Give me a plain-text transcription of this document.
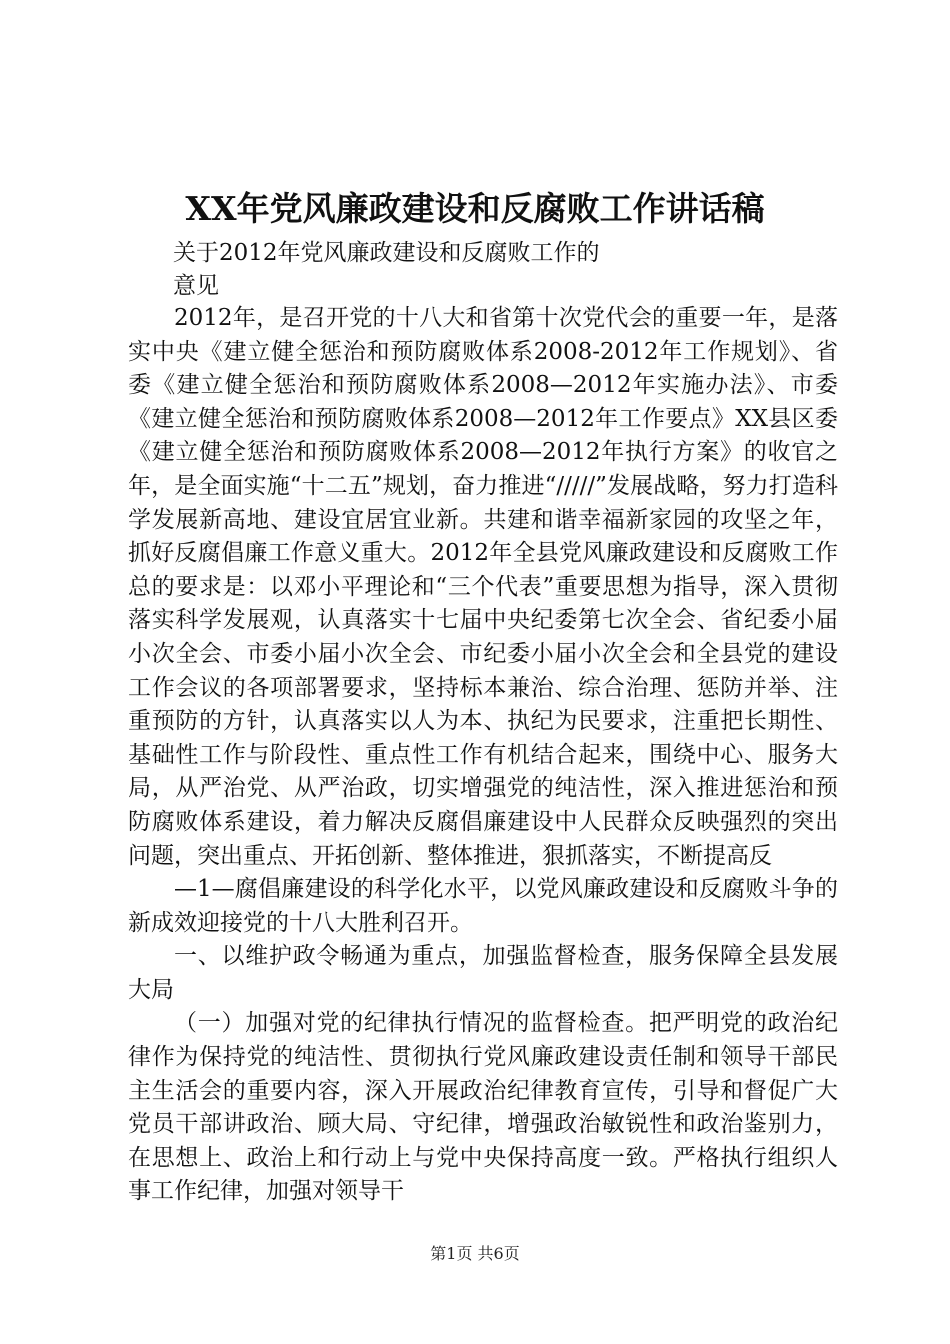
XX年党风廉政建设和反腐败工作讲话稿
关于2012年党风廉政建设和反腐败工作的
意见

2012年，是召开党的十八大和省第十次党代会的重要一年，是落实中央《建立健全惩治和预防腐败体系2008-2012年工作规划》、省委《建立健全惩治和预防腐败体系2008—2012年实施办法》、市委《建立健全惩治和预防腐败体系2008—2012年工作要点》XX县区委《建立健全惩治和预防腐败体系2008—2012年执行方案》的收官之年，是全面实施“十二五”规划，奋力推进“/////”发展战略，努力打造科学发展新高地、建设宜居宜业新。共建和谐幸福新家园的攻坚之年，抓好反腐倡廉工作意义重大。2012年全县党风廉政建设和反腐败工作总的要求是：以邓小平理论和“三个代表”重要思想为指导，深入贯彻落实科学发展观，认真落实十七届中央纪委第七次全会、省纪委小届小次全会、市委小届小次全会、市纪委小届小次全会和全县党的建设工作会议的各项部署要求，坚持标本兼治、综合治理、惩防并举、注重预防的方针，认真落实以人为本、执纪为民要求，注重把长期性、基础性工作与阶段性、重点性工作有机结合起来，围绕中心、服务大局，从严治党、从严治政，切实增强党的纯洁性，深入推进惩治和预防腐败体系建设，着力解决反腐倡廉建设中人民群众反映强烈的突出问题，突出重点、开拓创新、整体推进，狠抓落实，不断提高反

—1—腐倡廉建设的科学化水平，以党风廉政建设和反腐败斗争的新成效迎接党的十八大胜利召开。

一、以维护政令畅通为重点，加强监督检查，服务保障全县发展大局

（一）加强对党的纪律执行情况的监督检查。把严明党的政治纪律作为保持党的纯洁性、贯彻执行党风廉政建设责任制和领导干部民主生活会的重要内容，深入开展政治纪律教育宣传，引导和督促广大党员干部讲政治、顾大局、守纪律，增强政治敏锐性和政治鉴别力，在思想上、政治上和行动上与党中央保持高度一致。严格执行组织人事工作纪律，加强对领导干

第1页 共6页
